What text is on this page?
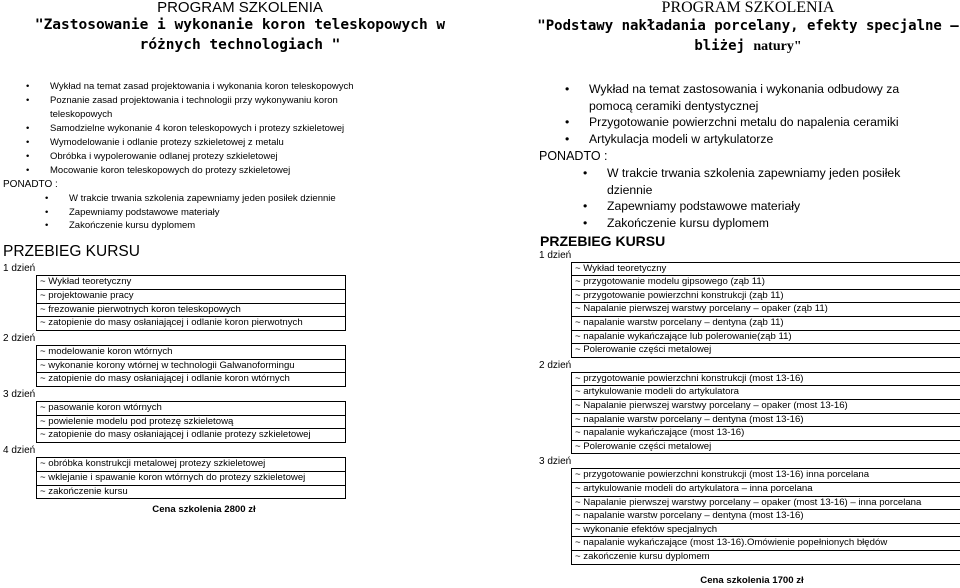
PROGRAM SZKOLENIA
"Zastosowanie i wykonanie koron teleskopowych w
różnych technologiach "
• Wykład na temat zasad projektowania i wykonania koron teleskopowych
• Poznanie zasad projektowania i technologii przy wykonywaniu koron teleskopowych
• Samodzielne wykonanie 4 koron teleskopowych i protezy szkieletowej
• Wymodelowanie i odlanie protezy szkieletowej z metalu
• Obróbka i wypolerowanie odlanej protezy szkieletowej
• Mocowanie koron teleskopowych do protezy szkieletowej
PONADTO :
• W trakcie trwania szkolenia zapewniamy jeden posiłek dziennie
• Zapewniamy podstawowe materiały
• Zakończenie kursu dyplomem
PRZEBIEG KURSU
1 dzień
~ Wykład teoretyczny
~ projektowanie pracy
~ frezowanie pierwotnych koron teleskopowych
~ zatopienie do masy osłaniającej i odlanie koron pierwotnych
2 dzień
~ modelowanie koron wtórnych
~ wykonanie korony wtórnej w technologii Galwanoformingu
~ zatopienie do masy osłaniającej i odlanie koron wtórnych
3 dzień
~ pasowanie koron wtórnych
~ powielenie modelu pod protezę szkieletową
~ zatopienie do masy osłaniającej i odlanie protezy szkieletowej
4 dzień
~ obróbka konstrukcji metalowej protezy szkieletowej
~ wklejanie i spawanie koron wtórnych do protezy szkieletowej
~ zakończenie kursu
Cena szkolenia 2800 zł
PROGRAM SZKOLENIA
"Podstawy nakładania porcelany, efekty specjalne –
bliżej natury"
• Wykład na temat zastosowania i wykonania odbudowy za pomocą ceramiki dentystycznej
• Przygotowanie powierzchni metalu do napalenia ceramiki
• Artykulacja modeli w artykulatorze
PONADTO :
• W trakcie trwania szkolenia zapewniamy jeden posiłek dziennie
• Zapewniamy podstawowe materiały
• Zakończenie kursu dyplomem
PRZEBIEG KURSU
1 dzień
~ Wykład teoretyczny
~ przygotowanie modelu gipsowego (ząb 11)
~ przygotowanie powierzchni konstrukcji (ząb 11)
~ Napalanie pierwszej warstwy porcelany – opaker (ząb 11)
~ napalanie warstw porcelany – dentyna (ząb 11)
~ napalanie wykańczające lub polerowanie(ząb 11)
~ Polerowanie części metalowej
2 dzień
~ przygotowanie powierzchni konstrukcji (most 13-16)
~ artykulowanie modeli do artykulatora
~ Napalanie pierwszej warstwy porcelany – opaker (most 13-16)
~ napalanie warstw porcelany – dentyna (most 13-16)
~ napalanie wykańczające (most 13-16)
~ Polerowanie części metalowej
3 dzień
~ przygotowanie powierzchni konstrukcji (most 13-16) inna porcelana
~ artykulowanie modeli do artykulatora – inna porcelana
~ Napalanie pierwszej warstwy porcelany – opaker (most 13-16) – inna porcelana
~ napalanie warstw porcelany – dentyna (most 13-16)
~ wykonanie efektów specjalnych
~ napalanie wykańczające (most 13-16).Omówienie popełnionych błędów
~ zakończenie kursu dyplomem
Cena szkolenia 1700 zł
